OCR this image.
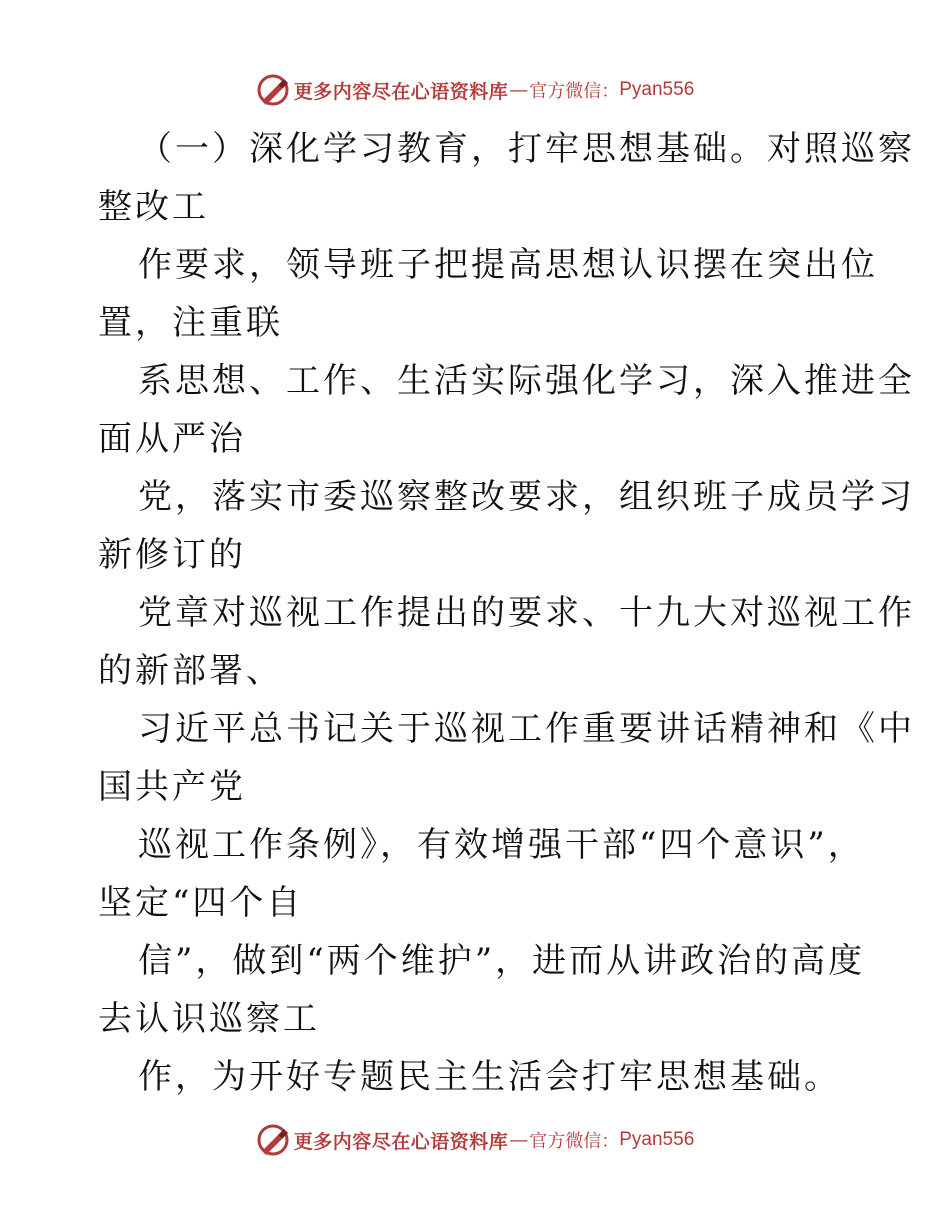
更多内容尽在心语资料库 — 官方微信： Pyan556
（一）深化学习教育，打牢思想基础。对照巡察
整改工
作要求，领导班子把提高思想认识摆在突出位
置，注重联
系思想、工作、生活实际强化学习，深入推进全
面从严治
党，落实市委巡察整改要求，组织班子成员学习
新修订的
党章对巡视工作提出的要求、十九大对巡视工作
的新部署、
习近平总书记关于巡视工作重要讲话精神和《中
国共产党
巡视工作条例》，有效增强干部“四个意识”，
坚定“四个自
信”，做到“两个维护”，进而从讲政治的高度
去认识巡察工
作，为开好专题民主生活会打牢思想基础。
更多内容尽在心语资料库 — 官方微信： Pyan556
